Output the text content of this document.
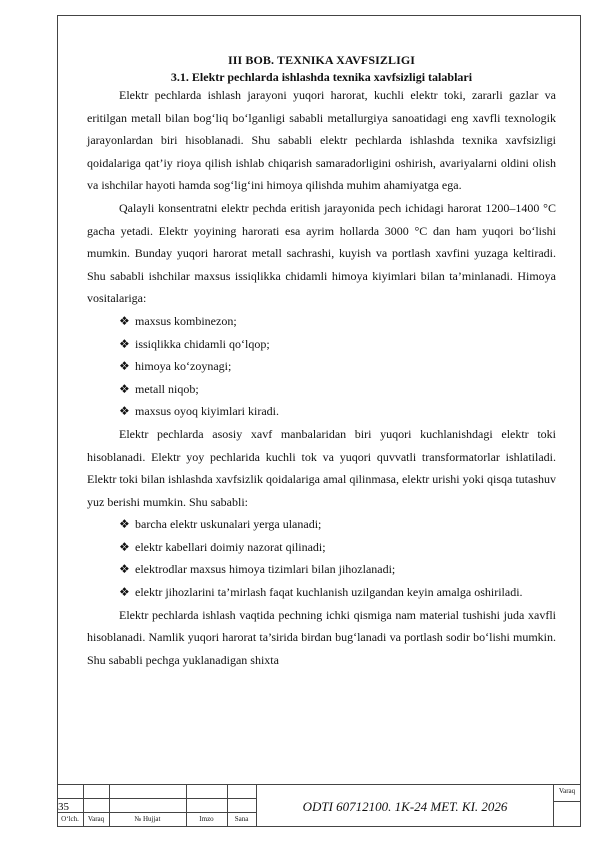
III BOB. TEXNIKA XAVFSIZLIGI

3.1. Elektr pechlarda ishlashda texnika xavfsizligi talablari

Elektr pechlarda ishlash jarayoni yuqori harorat, kuchli elektr toki, zararli gazlar va eritilgan metall bilan bog‘liq bo‘lganligi sababli metallurgiya sanoatidagi eng xavfli texnologik jarayonlardan biri hisoblanadi. Shu sababli elektr pechlarda ishlashda texnika xavfsizligi qoidalariga qat’iy rioya qilish ishlab chiqarish samaradorligini oshirish, avariyalarni oldini olish va ishchilar hayoti hamda sog‘lig‘ini himoya qilishda muhim ahamiyatga ega.

Qalayli konsentratni elektr pechda eritish jarayonida pech ichidagi harorat 1200–1400 °C gacha yetadi. Elektr yoyining harorati esa ayrim hollarda 3000 °C dan ham yuqori bo‘lishi mumkin. Bunday yuqori harorat metall sachrashi, kuyish va portlash xavfini yuzaga keltiradi. Shu sababli ishchilar maxsus issiqlikka chidamli himoya kiyimlari bilan ta’minlanadi. Himoya vositalariga:

❖ maxsus kombinezon;
❖ issiqlikka chidamli qo‘lqop;
❖ himoya ko‘zoynagi;
❖ metall niqob;
❖ maxsus oyoq kiyimlari kiradi.

Elektr pechlarda asosiy xavf manbalaridan biri yuqori kuchlanishdagi elektr toki hisoblanadi. Elektr yoy pechlarida kuchli tok va yuqori quvvatli transformatorlar ishlatiladi. Elektr toki bilan ishlashda xavfsizlik qoidalariga amal qilinmasa, elektr urishi yoki qisqa tutashuv yuz berishi mumkin. Shu sababli:

❖ barcha elektr uskunalari yerga ulanadi;
❖ elektr kabellari doimiy nazorat qilinadi;
❖ elektrodlar maxsus himoya tizimlari bilan jihozlanadi;
❖ elektr jihozlarini ta’mirlash faqat kuchlanish uzilgandan keyin amalga oshiriladi.

Elektr pechlarda ishlash vaqtida pechning ichki qismiga nam material tushishi juda xavfli hisoblanadi. Namlik yuqori harorat ta’sirida birdan bug‘lanadi va portlash sodir bo‘lishi mumkin. Shu sababli pechga yuklanadigan shixta

35
O‘lch.	Varaq	№ Hujjat	Imzo	Sana
ODTI 60712100. 1K-24 MET. KI. 2026
Varaq
